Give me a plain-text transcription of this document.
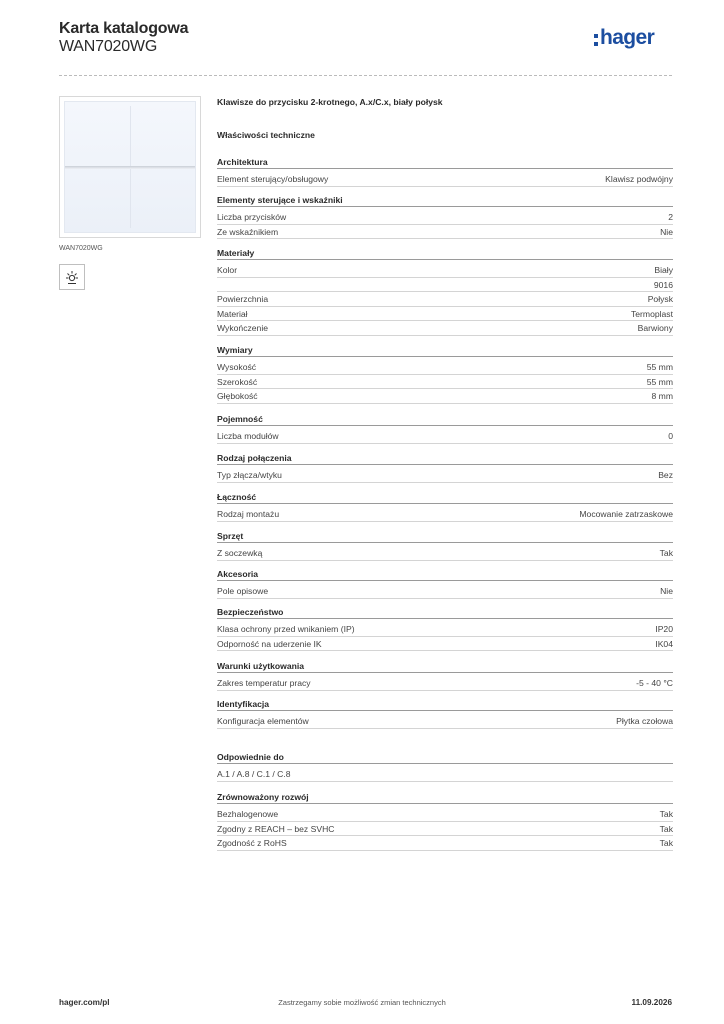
Karta katalogowa
WAN7020WG	hager
WAN7020WG
Klawisze do przycisku 2-krotnego, A.x/C.x, biały połysk
Właściwości techniczne
Architektura
Element sterujący/obsługowy	Klawisz podwójny
Elementy sterujące i wskaźniki
Liczba przycisków	2
Ze wskaźnikiem	Nie
Materiały
Kolor	Biały
9016
Powierzchnia	Połysk
Materiał	Termoplast
Wykończenie	Barwiony
Wymiary
Wysokość	55 mm
Szerokość	55 mm
Głębokość	8 mm
Pojemność
Liczba modułów	0
Rodzaj połączenia
Typ złącza/wtyku	Bez
Łączność
Rodzaj montażu	Mocowanie zatrzaskowe
Sprzęt
Z soczewką	Tak
Akcesoria
Pole opisowe	Nie
Bezpieczeństwo
Klasa ochrony przed wnikaniem (IP)	IP20
Odporność na uderzenie IK	IK04
Warunki użytkowania
Zakres temperatur pracy	-5 - 40 °C
Identyfikacja
Konfiguracja elementów	Płytka czołowa
Odpowiednie do
A.1 / A.8 / C.1 / C.8
Zrównoważony rozwój
Bezhalogenowe	Tak
Zgodny z REACH – bez SVHC	Tak
Zgodność z RoHS	Tak
hager.com/pl	Zastrzegamy sobie możliwość zmian technicznych	11.09.2026
